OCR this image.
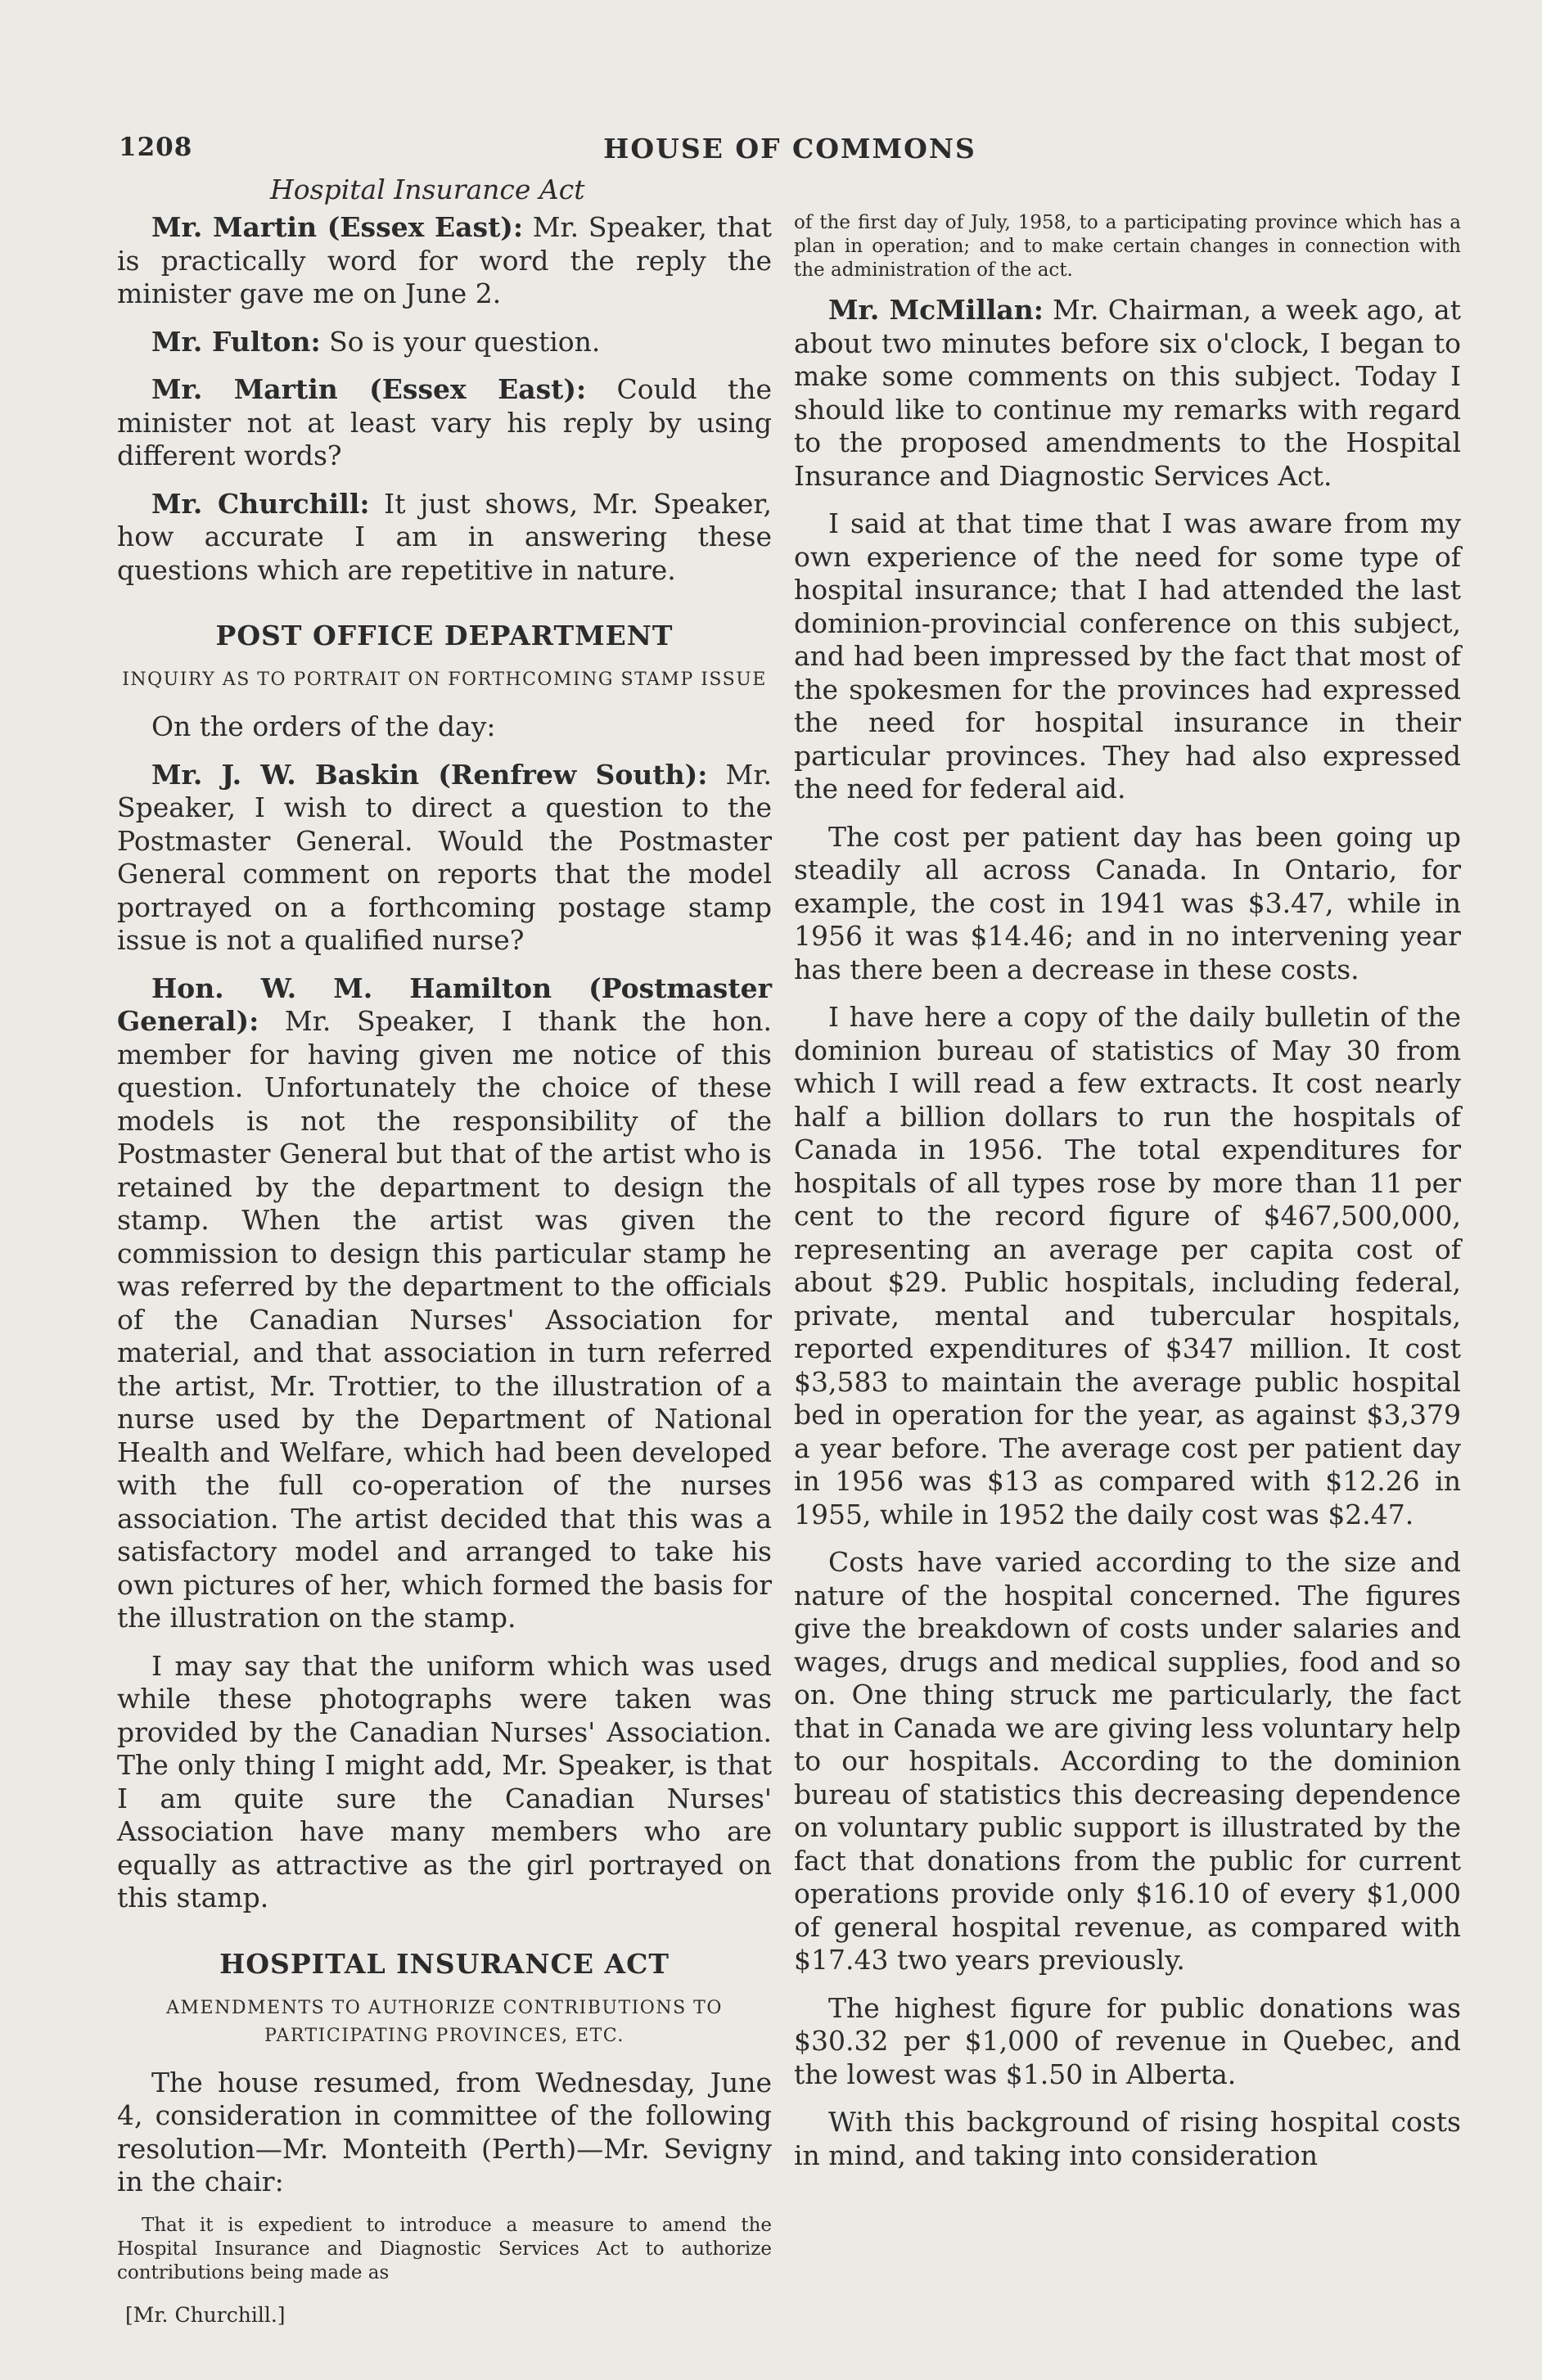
HOUSE OF COMMONS
1208
Hospital Insurance Act

Mr. Martin (Essex East): Mr. Speaker, that is practically word for word the reply the minister gave me on June 2.

Mr. Fulton: So is your question.

Mr. Martin (Essex East): Could the minister not at least vary his reply by using different words?

Mr. Churchill: It just shows, Mr. Speaker, how accurate I am in answering these questions which are repetitive in nature.

POST OFFICE DEPARTMENT
INQUIRY AS TO PORTRAIT ON FORTHCOMING STAMP ISSUE

On the orders of the day:

Mr. J. W. Baskin (Renfrew South): Mr. Speaker, I wish to direct a question to the Postmaster General. Would the Postmaster General comment on reports that the model portrayed on a forthcoming postage stamp issue is not a qualified nurse?

Hon. W. M. Hamilton (Postmaster General): Mr. Speaker, I thank the hon. member for having given me notice of this question. Unfortunately the choice of these models is not the responsibility of the Postmaster General but that of the artist who is retained by the department to design the stamp. When the artist was given the commission to design this particular stamp he was referred by the department to the officials of the Canadian Nurses' Association for material, and that association in turn referred the artist, Mr. Trottier, to the illustration of a nurse used by the Department of National Health and Welfare, which had been developed with the full co-operation of the nurses association. The artist decided that this was a satisfactory model and arranged to take his own pictures of her, which formed the basis for the illustration on the stamp.

I may say that the uniform which was used while these photographs were taken was provided by the Canadian Nurses' Association. The only thing I might add, Mr. Speaker, is that I am quite sure the Canadian Nurses' Association have many members who are equally as attractive as the girl portrayed on this stamp.

HOSPITAL INSURANCE ACT
AMENDMENTS TO AUTHORIZE CONTRIBUTIONS TO PARTICIPATING PROVINCES, ETC.

The house resumed, from Wednesday, June 4, consideration in committee of the following resolution—Mr. Monteith (Perth)—Mr. Sevigny in the chair:

That it is expedient to introduce a measure to amend the Hospital Insurance and Diagnostic Services Act to authorize contributions being made as
[Mr. Churchill.]
of the first day of July, 1958, to a participating province which has a plan in operation; and to make certain changes in connection with the administration of the act.

Mr. McMillan: Mr. Chairman, a week ago, at about two minutes before six o'clock, I began to make some comments on this subject. Today I should like to continue my remarks with regard to the proposed amendments to the Hospital Insurance and Diagnostic Services Act.

I said at that time that I was aware from my own experience of the need for some type of hospital insurance; that I had attended the last dominion-provincial conference on this subject, and had been impressed by the fact that most of the spokesmen for the provinces had expressed the need for hospital insurance in their particular provinces. They had also expressed the need for federal aid.

The cost per patient day has been going up steadily all across Canada. In Ontario, for example, the cost in 1941 was $3.47, while in 1956 it was $14.46; and in no intervening year has there been a decrease in these costs.

I have here a copy of the daily bulletin of the dominion bureau of statistics of May 30 from which I will read a few extracts. It cost nearly half a billion dollars to run the hospitals of Canada in 1956. The total expenditures for hospitals of all types rose by more than 11 per cent to the record figure of $467,500,000, representing an average per capita cost of about $29. Public hospitals, including federal, private, mental and tubercular hospitals, reported expenditures of $347 million. It cost $3,583 to maintain the average public hospital bed in operation for the year, as against $3,379 a year before. The average cost per patient day in 1956 was $13 as compared with $12.26 in 1955, while in 1952 the daily cost was $2.47.

Costs have varied according to the size and nature of the hospital concerned. The figures give the breakdown of costs under salaries and wages, drugs and medical supplies, food and so on. One thing struck me particularly, the fact that in Canada we are giving less voluntary help to our hospitals. According to the dominion bureau of statistics this decreasing dependence on voluntary public support is illustrated by the fact that donations from the public for current operations provide only $16.10 of every $1,000 of general hospital revenue, as compared with $17.43 two years previously.

The highest figure for public donations was $30.32 per $1,000 of revenue in Quebec, and the lowest was $1.50 in Alberta.

With this background of rising hospital costs in mind, and taking into consideration
